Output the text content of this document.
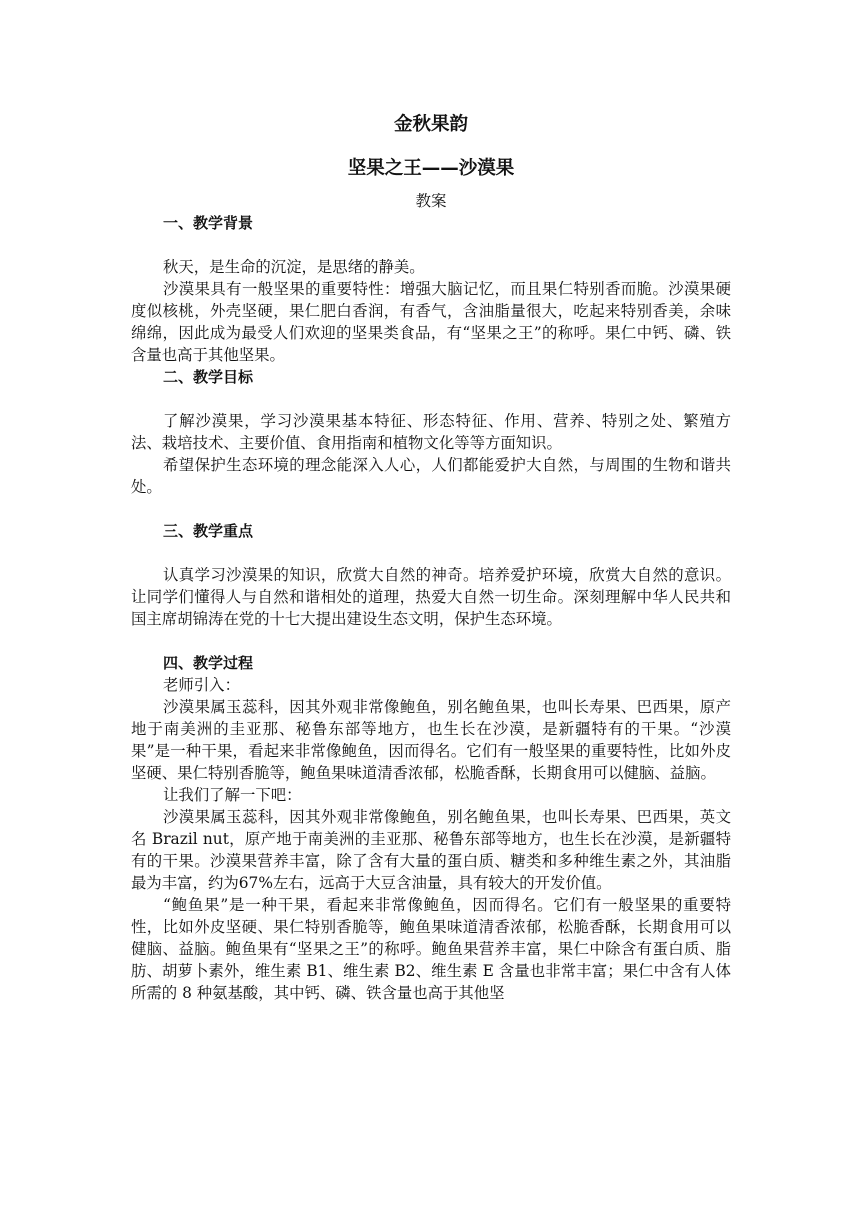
金秋果韵
坚果之王——沙漠果

教案

一、教学背景

秋天，是生命的沉淀，是思绪的静美。

沙漠果具有一般坚果的重要特性：增强大脑记忆，而且果仁特别香而脆。沙漠果硬度似核桃，外壳坚硬，果仁肥白香润，有香气，含油脂量很大，吃起来特别香美，余味绵绵，因此成为最受人们欢迎的坚果类食品，有“坚果之王”的称呼。果仁中钙、磷、铁含量也高于其他坚果。

二、教学目标

了解沙漠果，学习沙漠果基本特征、形态特征、作用、营养、特别之处、繁殖方法、栽培技术、主要价值、食用指南和植物文化等等方面知识。

希望保护生态环境的理念能深入人心，人们都能爱护大自然，与周围的生物和谐共处。

三、教学重点

认真学习沙漠果的知识，欣赏大自然的神奇。培养爱护环境，欣赏大自然的意识。让同学们懂得人与自然和谐相处的道理，热爱大自然一切生命。深刻理解中华人民共和国主席胡锦涛在党的十七大提出建设生态文明，保护生态环境。

四、教学过程

老师引入：

沙漠果属玉蕊科，因其外观非常像鲍鱼，别名鲍鱼果，也叫长寿果、巴西果，原产地于南美洲的圭亚那、秘鲁东部等地方，也生长在沙漠，是新疆特有的干果。“沙漠果”是一种干果，看起来非常像鲍鱼，因而得名。它们有一般坚果的重要特性，比如外皮坚硬、果仁特别香脆等，鲍鱼果味道清香浓郁，松脆香酥，长期食用可以健脑、益脑。

让我们了解一下吧：

沙漠果属玉蕊科，因其外观非常像鲍鱼，别名鲍鱼果，也叫长寿果、巴西果，英文名 Brazil nut，原产地于南美洲的圭亚那、秘鲁东部等地方，也生长在沙漠，是新疆特有的干果。沙漠果营养丰富，除了含有大量的蛋白质、糖类和多种维生素之外，其油脂最为丰富，约为67%左右，远高于大豆含油量，具有较大的开发价值。

“鲍鱼果”是一种干果，看起来非常像鲍鱼，因而得名。它们有一般坚果的重要特性，比如外皮坚硬、果仁特别香脆等，鲍鱼果味道清香浓郁，松脆香酥，长期食用可以健脑、益脑。鲍鱼果有“坚果之王”的称呼。鲍鱼果营养丰富，果仁中除含有蛋白质、脂肪、胡萝卜素外，维生素 B1、维生素 B2、维生素 E 含量也非常丰富；果仁中含有人体所需的 8 种氨基酸，其中钙、磷、铁含量也高于其他坚
